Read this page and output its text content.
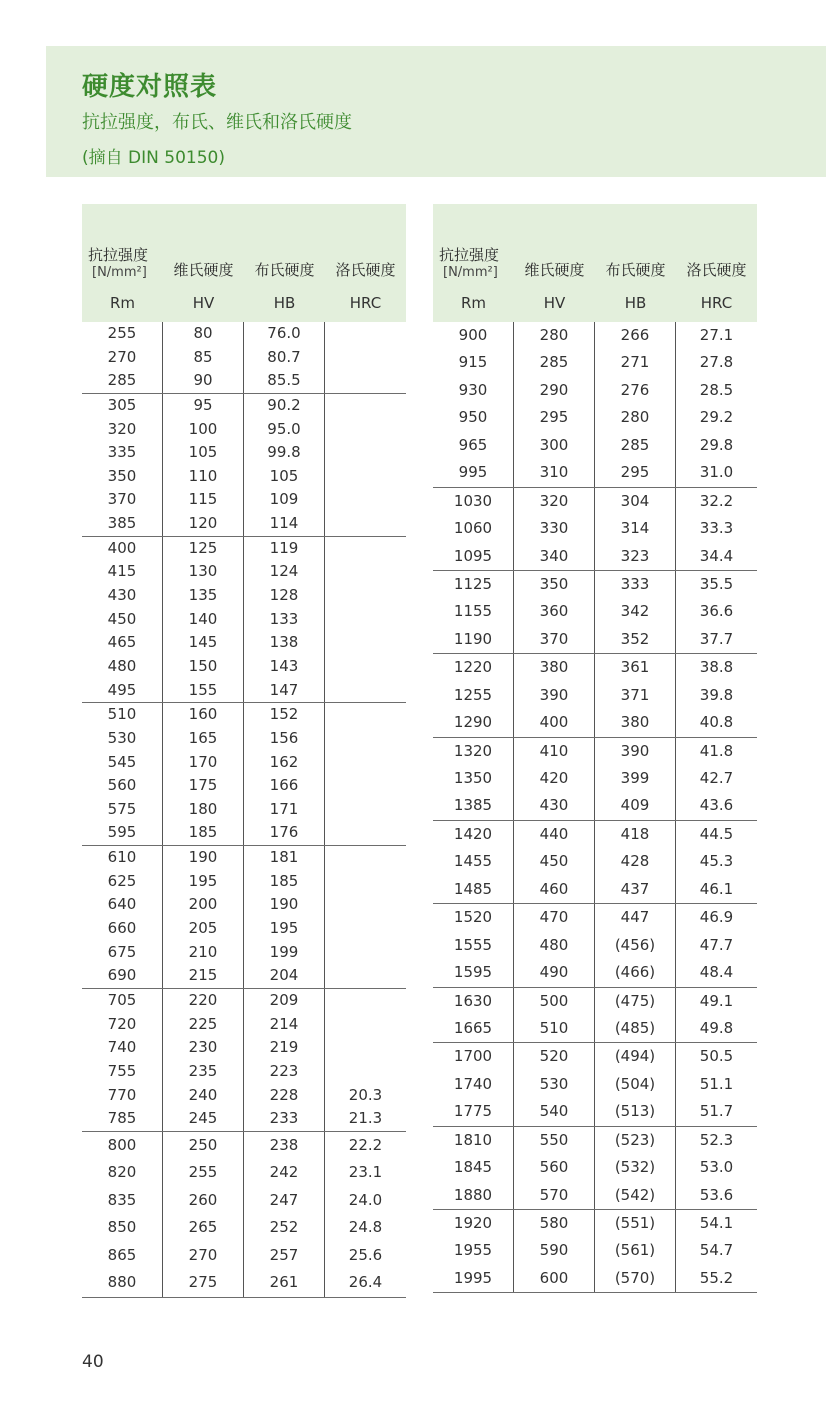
硬度对照表
抗拉强度，布氏、维氏和洛氏硬度
(摘自 DIN 50150)
抗拉强度
[N/mm²]	维氏硬度	布氏硬度	洛氏硬度
Rm	HV	HB	HRC
255	80	76.0
270	85	80.7
285	90	85.5
305	95	90.2
320	100	95.0
335	105	99.8
350	110	105
370	115	109
385	120	114
400	125	119
415	130	124
430	135	128
450	140	133
465	145	138
480	150	143
495	155	147
510	160	152
530	165	156
545	170	162
560	175	166
575	180	171
595	185	176
610	190	181
625	195	185
640	200	190
660	205	195
675	210	199
690	215	204
705	220	209
720	225	214
740	230	219
755	235	223
770	240	228	20.3
785	245	233	21.3
800	250	238	22.2
820	255	242	23.1
835	260	247	24.0
850	265	252	24.8
865	270	257	25.6
880	275	261	26.4
抗拉强度
[N/mm²]	维氏硬度	布氏硬度	洛氏硬度
Rm	HV	HB	HRC
900	280	266	27.1
915	285	271	27.8
930	290	276	28.5
950	295	280	29.2
965	300	285	29.8
995	310	295	31.0
1030	320	304	32.2
1060	330	314	33.3
1095	340	323	34.4
1125	350	333	35.5
1155	360	342	36.6
1190	370	352	37.7
1220	380	361	38.8
1255	390	371	39.8
1290	400	380	40.8
1320	410	390	41.8
1350	420	399	42.7
1385	430	409	43.6
1420	440	418	44.5
1455	450	428	45.3
1485	460	437	46.1
1520	470	447	46.9
1555	480	(456)	47.7
1595	490	(466)	48.4
1630	500	(475)	49.1
1665	510	(485)	49.8
1700	520	(494)	50.5
1740	530	(504)	51.1
1775	540	(513)	51.7
1810	550	(523)	52.3
1845	560	(532)	53.0
1880	570	(542)	53.6
1920	580	(551)	54.1
1955	590	(561)	54.7
1995	600	(570)	55.2
40
